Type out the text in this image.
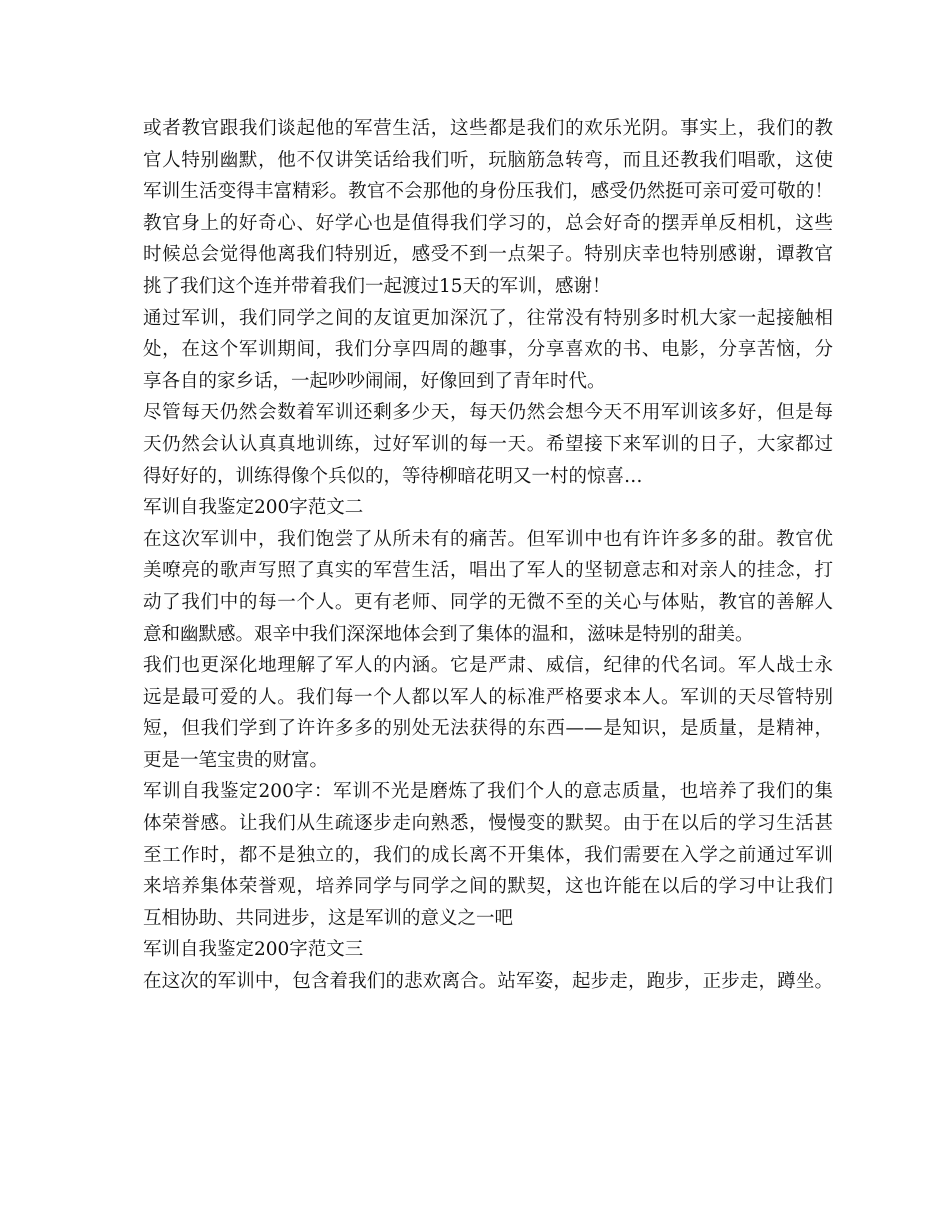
或者教官跟我们谈起他的军营生活，这些都是我们的欢乐光阴。事实上，我们的教
官人特别幽默，他不仅讲笑话给我们听，玩脑筋急转弯，而且还教我们唱歌，这使
军训生活变得丰富精彩。教官不会那他的身份压我们，感受仍然挺可亲可爱可敬的！
教官身上的好奇心、好学心也是值得我们学习的，总会好奇的摆弄单反相机，这些
时候总会觉得他离我们特别近，感受不到一点架子。特别庆幸也特别感谢，谭教官
挑了我们这个连并带着我们一起渡过15天的军训，感谢！
通过军训，我们同学之间的友谊更加深沉了，往常没有特别多时机大家一起接触相
处，在这个军训期间，我们分享四周的趣事，分享喜欢的书、电影，分享苦恼，分
享各自的家乡话，一起吵吵闹闹，好像回到了青年时代。
尽管每天仍然会数着军训还剩多少天，每天仍然会想今天不用军训该多好，但是每
天仍然会认认真真地训练，过好军训的每一天。希望接下来军训的日子，大家都过
得好好的，训练得像个兵似的，等待柳暗花明又一村的惊喜…
军训自我鉴定200字范文二
在这次军训中，我们饱尝了从所未有的痛苦。但军训中也有许许多多的甜。教官优
美嘹亮的歌声写照了真实的军营生活，唱出了军人的坚韧意志和对亲人的挂念，打
动了我们中的每一个人。更有老师、同学的无微不至的关心与体贴，教官的善解人
意和幽默感。艰辛中我们深深地体会到了集体的温和，滋味是特别的甜美。
我们也更深化地理解了军人的内涵。它是严肃、威信，纪律的代名词。军人战士永
远是最可爱的人。我们每一个人都以军人的标准严格要求本人。军训的天尽管特别
短，但我们学到了许许多多的别处无法获得的东西——是知识，是质量，是精神，
更是一笔宝贵的财富。
军训自我鉴定200字：军训不光是磨炼了我们个人的意志质量，也培养了我们的集
体荣誉感。让我们从生疏逐步走向熟悉，慢慢变的默契。由于在以后的学习生活甚
至工作时，都不是独立的，我们的成长离不开集体，我们需要在入学之前通过军训
来培养集体荣誉观，培养同学与同学之间的默契，这也许能在以后的学习中让我们
互相协助、共同进步，这是军训的意义之一吧
军训自我鉴定200字范文三
在这次的军训中，包含着我们的悲欢离合。站军姿，起步走，跑步，正步走，蹲坐。
